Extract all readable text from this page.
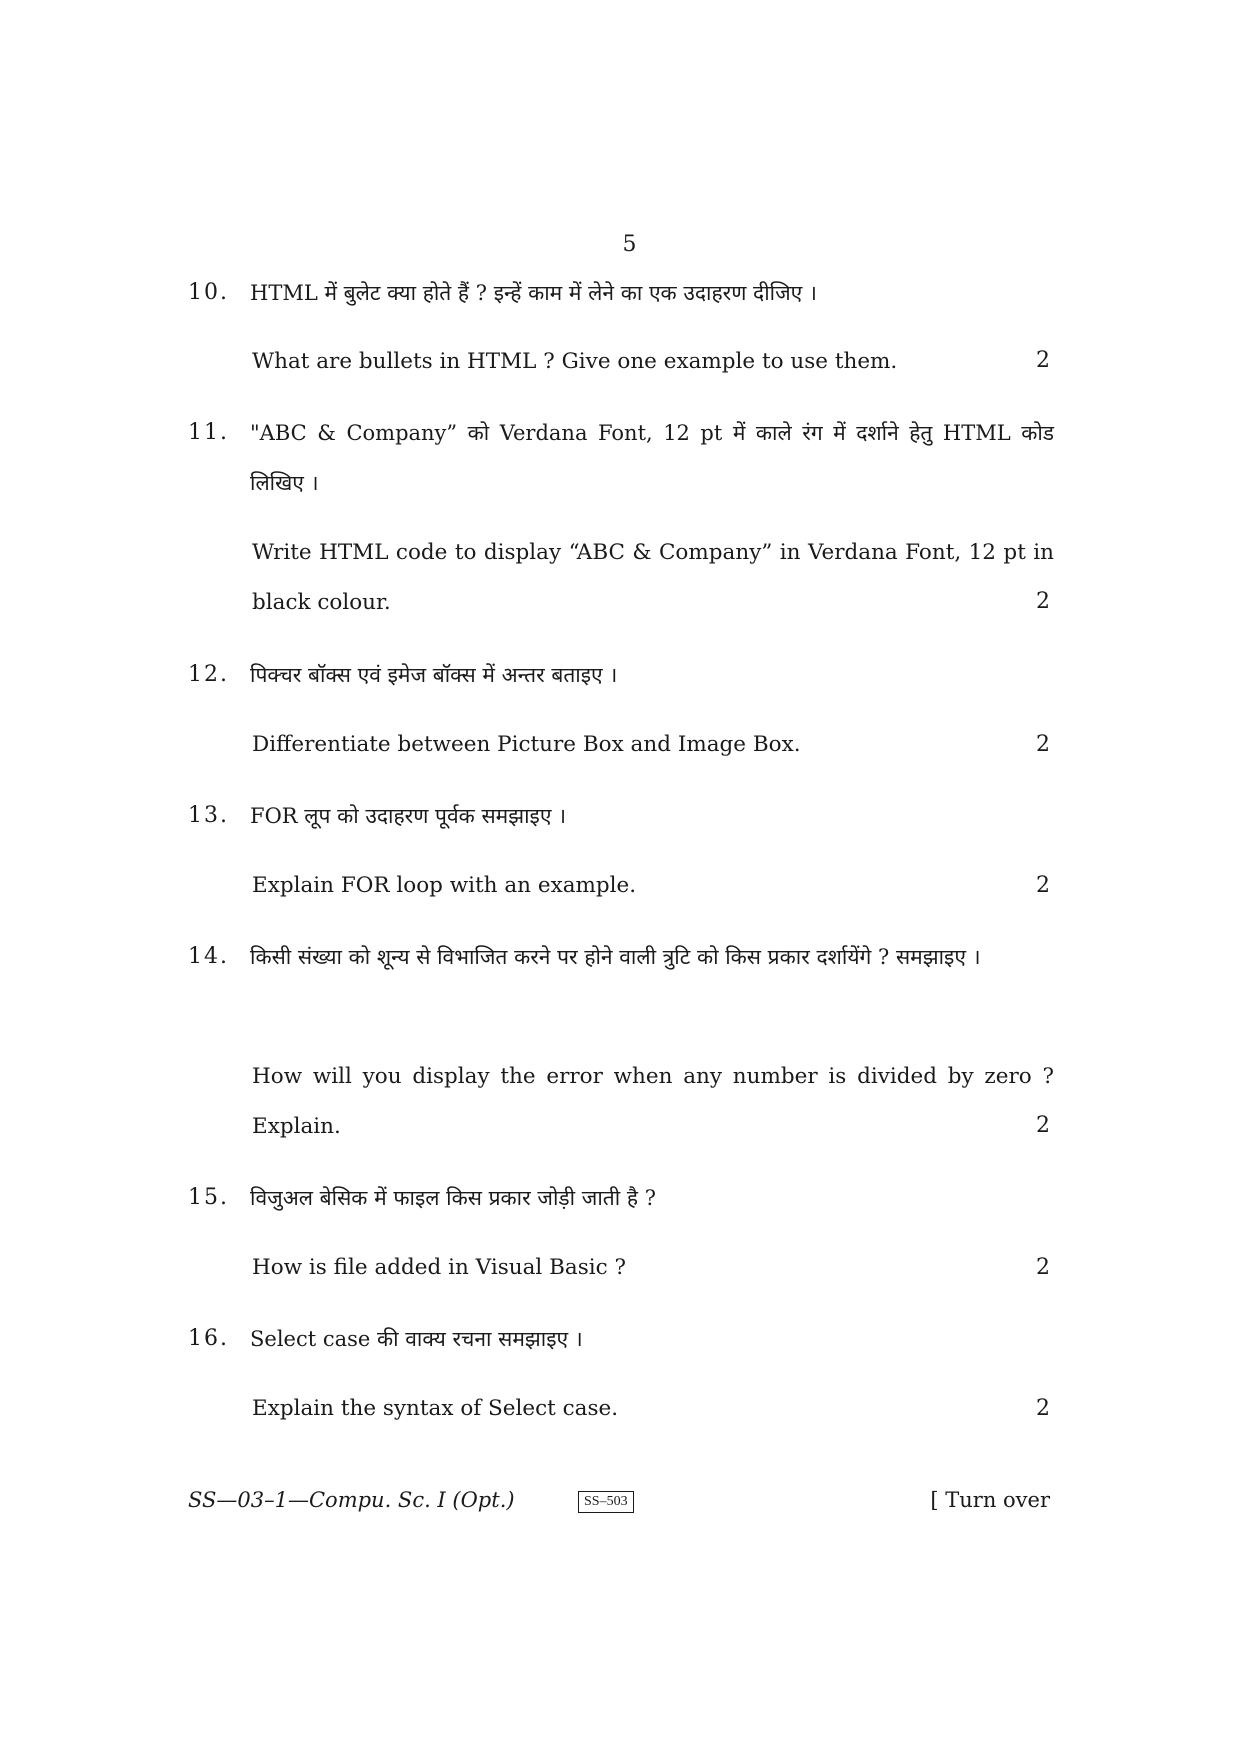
5
10. HTML में बुलेट क्या होते हैं ? इन्हें काम में लेने का एक उदाहरण दीजिए ।
What are bullets in HTML ? Give one example to use them.	2
11. "ABC & Company” को Verdana Font, 12 pt में काले रंग में दर्शाने हेतु HTML कोड लिखिए ।
Write HTML code to display “ABC & Company” in Verdana Font, 12 pt in black colour.	2
12. पिक्चर बॉक्स एवं इमेज बॉक्स में अन्तर बताइए ।
Differentiate between Picture Box and Image Box.	2
13. FOR लूप को उदाहरण पूर्वक समझाइए ।
Explain FOR loop with an example.	2
14. किसी संख्या को शून्य से विभाजित करने पर होने वाली त्रुटि को किस प्रकार दर्शायेंगे ? समझाइए ।
How will you display the error when any number is divided by zero ? Explain.	2
15. विजुअल बेसिक में फाइल किस प्रकार जोड़ी जाती है ?
How is file added in Visual Basic ?	2
16. Select case की वाक्य रचना समझाइए ।
Explain the syntax of Select case.	2
SS—03–1—Compu. Sc. I (Opt.)	SS–503	[ Turn over
